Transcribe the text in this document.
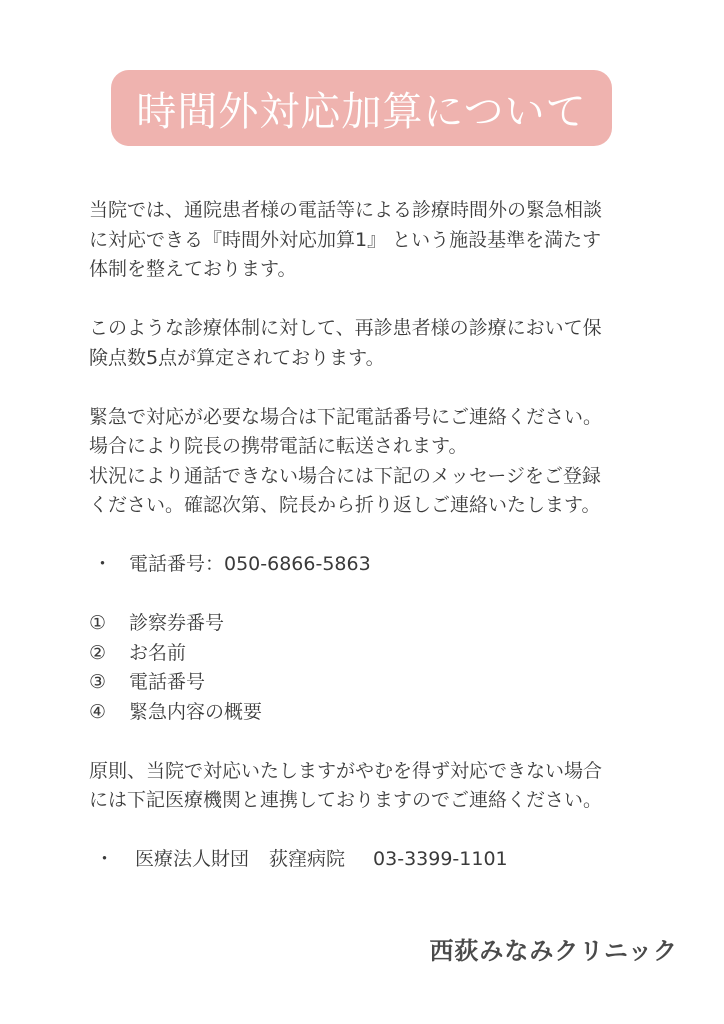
時間外対応加算について

当院では、通院患者様の電話等による診療時間外の緊急相談
に対応できる『時間外対応加算1』 という施設基準を満たす
体制を整えております。

このような診療体制に対して、再診患者様の診療において保
険点数5点が算定されております。

緊急で対応が必要な場合は下記電話番号にご連絡ください。
場合により院長の携帯電話に転送されます。
状況により通話できない場合には下記のメッセージをご登録
ください。確認次第、院長から折り返しご連絡いたします。

・ 電話番号：050-6866-5863
①	診察券番号
②	お名前
③	電話番号
④	緊急内容の概要

原則、当院で対応いたしますがやむを得ず対応できない場合
には下記医療機関と連携しておりますのでご連絡ください。

・	医療法人財団 荻窪病院 03-3399-1101
西荻みなみクリニック
